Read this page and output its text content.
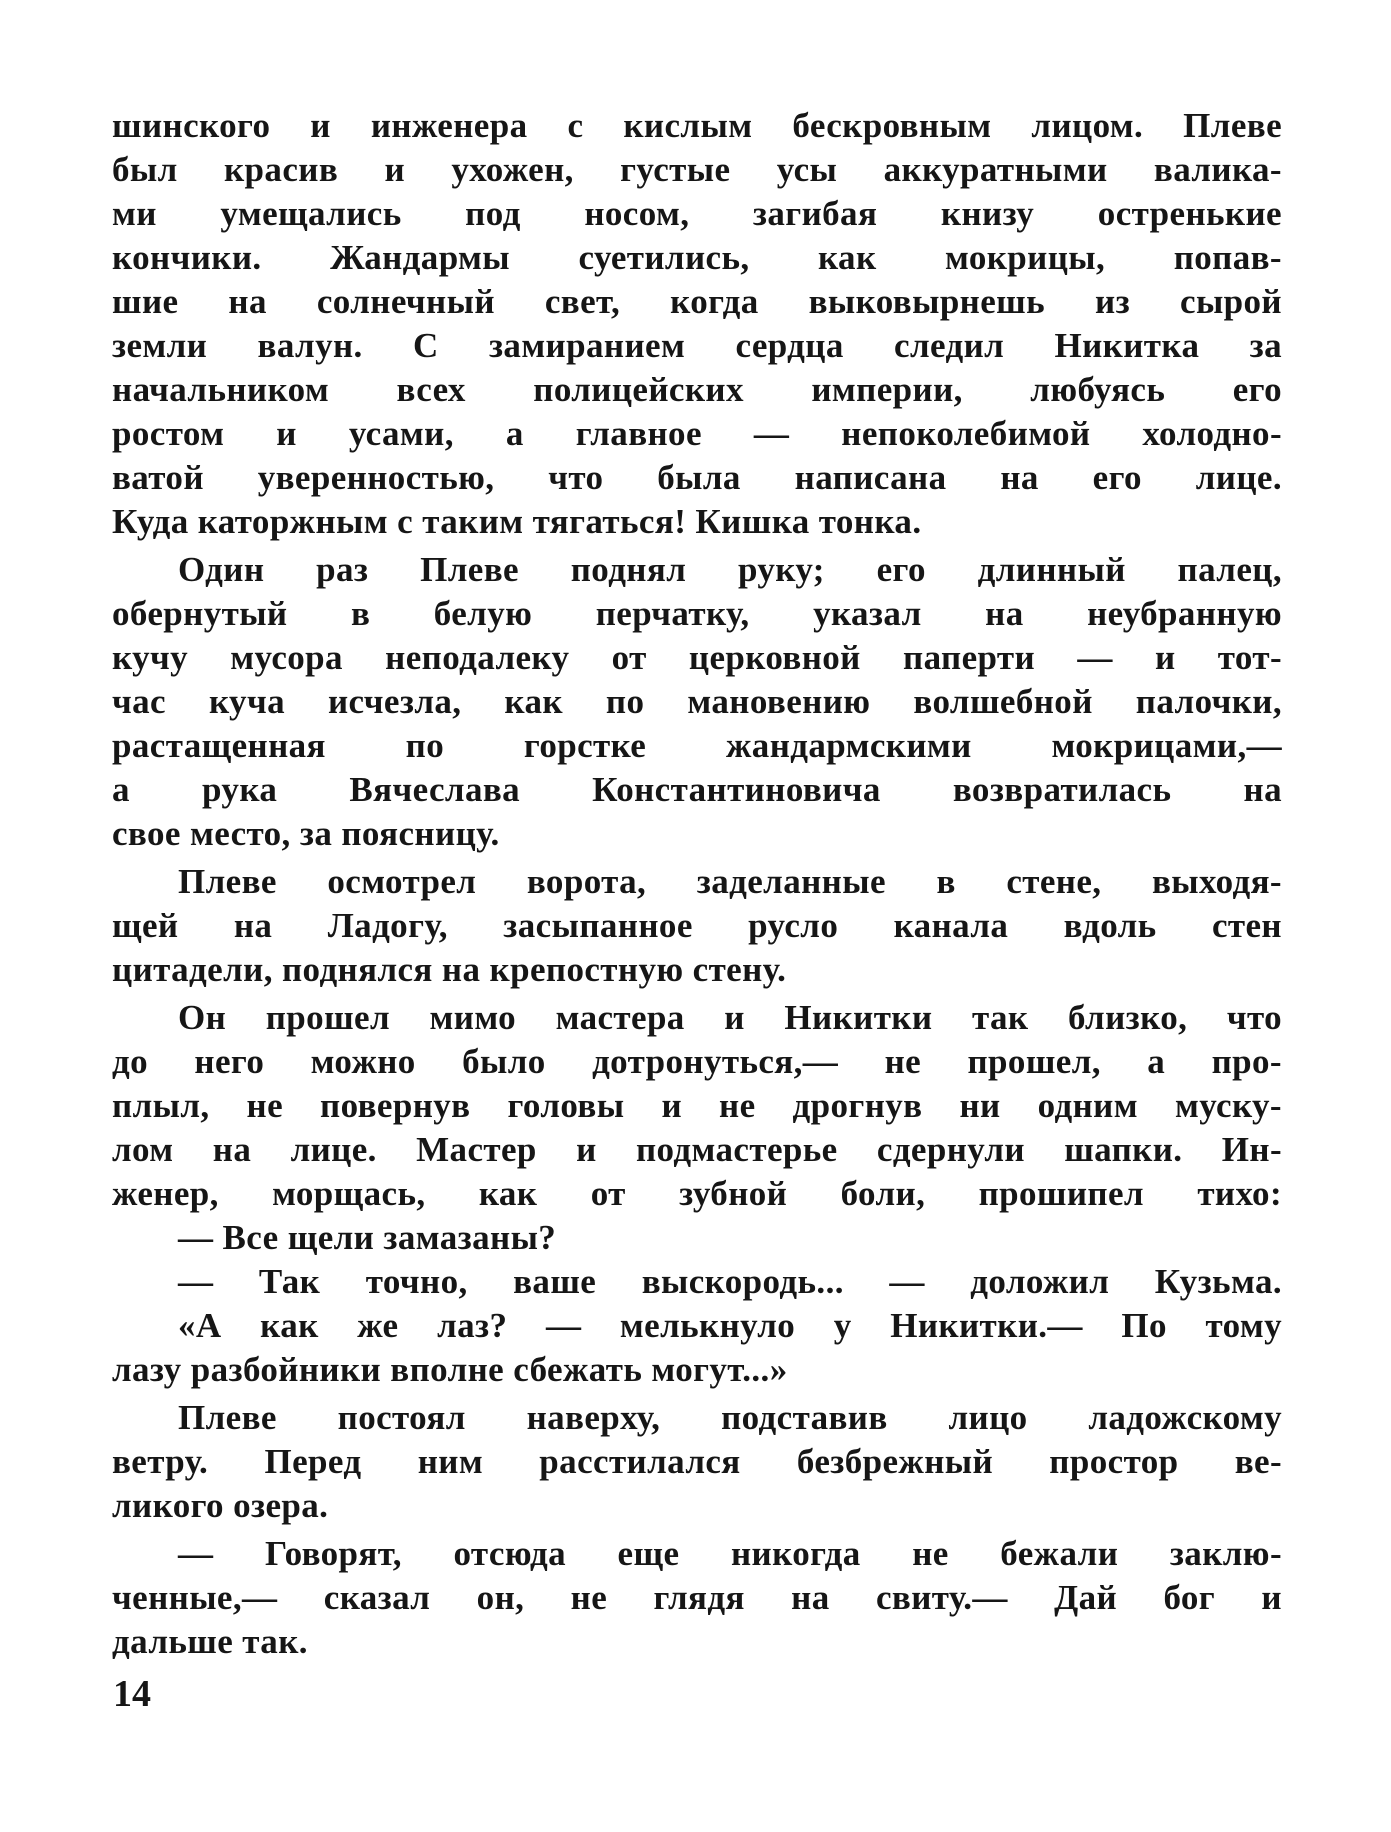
шинского и инженера с кислым бескровным лицом. Плеве
был красив и ухожен, густые усы аккуратными валика-
ми умещались под носом, загибая книзу остренькие
кончики. Жандармы суетились, как мокрицы, попав-
шие на солнечный свет, когда выковырнешь из сырой
земли валун. С замиранием сердца следил Никитка за
начальником всех полицейских империи, любуясь его
ростом и усами, а главное — непоколебимой холодно-
ватой уверенностью, что была написана на его лице.
Куда каторжным с таким тягаться! Кишка тонка.
Один раз Плеве поднял руку; его длинный палец,
обернутый в белую перчатку, указал на неубранную
кучу мусора неподалеку от церковной паперти — и тот-
час куча исчезла, как по мановению волшебной палочки,
растащенная по горстке жандармскими мокрицами,—
а рука Вячеслава Константиновича возвратилась на
свое место, за поясницу.
Плеве осмотрел ворота, заделанные в стене, выходя-
щей на Ладогу, засыпанное русло канала вдоль стен
цитадели, поднялся на крепостную стену.
Он прошел мимо мастера и Никитки так близко, что
до него можно было дотронуться,— не прошел, а про-
плыл, не повернув головы и не дрогнув ни одним муску-
лом на лице. Мастер и подмастерье сдернули шапки. Ин-
женер, морщась, как от зубной боли, прошипел тихо:
— Все щели замазаны?
— Так точно, ваше выскородь... — доложил Кузьма.
«А как же лаз? — мелькнуло у Никитки.— По тому
лазу разбойники вполне сбежать могут...»
Плеве постоял наверху, подставив лицо ладожскому
ветру. Перед ним расстилался безбрежный простор ве-
ликого озера.
— Говорят, отсюда еще никогда не бежали заклю-
ченные,— сказал он, не глядя на свиту.— Дай бог и
дальше так.
14
